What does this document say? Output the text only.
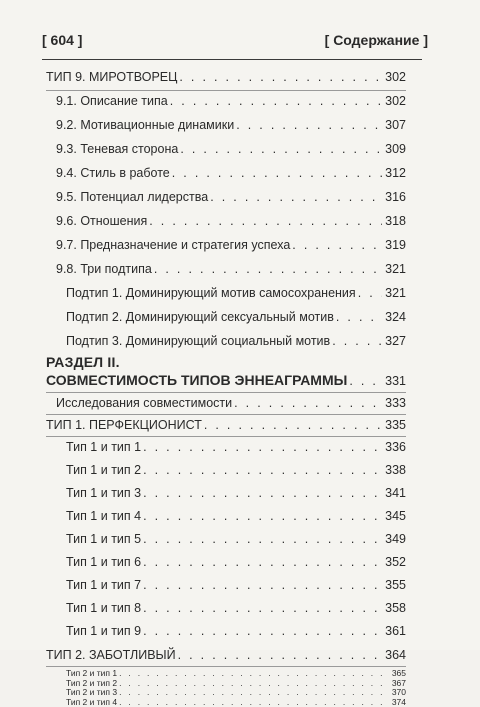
[ 604 ]	[ Содержание ]
ТИП 9. МИРОТВОРЕЦ . . .	302
9.1. Описание типа . . .	302
9.2. Мотивационные динамики . . .	307
9.3. Теневая сторона . . .	309
9.4. Стиль в работе . . .	312
9.5. Потенциал лидерства . . .	316
9.6. Отношения . . .	318
9.7. Предназначение и стратегия успеха . . .	319
9.8. Три подтипа . . .	321
Подтип 1. Доминирующий мотив самосохранения . . . 321
Подтип 2. Доминирующий сексуальный мотив . . .	324
Подтип 3. Доминирующий социальный мотив . . .	327
РАЗДЕЛ II.
СОВМЕСТИМОСТЬ ТИПОВ ЭННЕАГРАММЫ . . .	331
Исследования совместимости . . .	333
ТИП 1. ПЕРФЕКЦИОНИСТ . . .	335
Тип 1 и тип 1 . . .	336
Тип 1 и тип 2 . . .	338
Тип 1 и тип 3 . . .	341
Тип 1 и тип 4 . . .	345
Тип 1 и тип 5 . . .	349
Тип 1 и тип 6 . . .	352
Тип 1 и тип 7 . . .	355
Тип 1 и тип 8 . . .	358
Тип 1 и тип 9 . . .	361
ТИП 2. ЗАБОТЛИВЫЙ . . .	364
Тип 2 и тип 1 . . .	365
Тип 2 и тип 2 . . .	367
Тип 2 и тип 3 . . .	370
Тип 2 и тип 4 . . .	374
